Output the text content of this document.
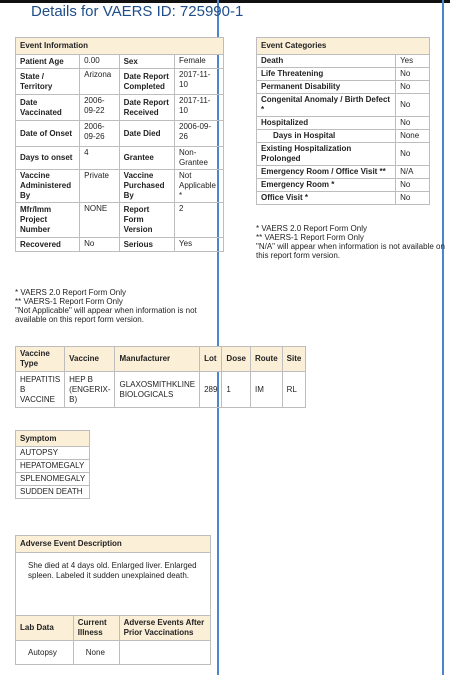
Details for VAERS ID: 725990-1
Event Information			
Patient Age	0.00	Sex	Female
State / Territory	Arizona	Date Report Completed	2017-11-10
Date Vaccinated	2006-09-22	Date Report Received	2017-11-10
Date of Onset	2006-09-26	Date Died	2006-09-26
Days to onset	4	Grantee	Non-Grantee
Vaccine Administered By	Private	Vaccine Purchased By	Not Applicable *
Mfr/Imm Project Number	NONE	Report Form Version	2
Recovered	No	Serious	Yes
* VAERS 2.0 Report Form Only
** VAERS-1 Report Form Only
"Not Applicable" will appear when information is not available on this report form version.
Event Categories	
Death	Yes
Life Threatening	No
Permanent Disability	No
Congenital Anomaly / Birth Defect *	No
Hospitalized	No
Days in Hospital	None
Existing Hospitalization Prolonged	No
Emergency Room / Office Visit **	N/A
Emergency Room *	No
Office Visit *	No
* VAERS 2.0 Report Form Only
** VAERS-1 Report Form Only
"N/A" will appear when information is not available on this report form version.
Vaccine Type	Vaccine	Manufacturer	Lot	Dose	Route	Site
HEPATITIS B VACCINE	HEP B (ENGERIX-B)	GLAXOSMITHKLINE BIOLOGICALS	289	1	IM	RL
Symptom
AUTOPSY
HEPATOMEGALY
SPLENOMEGALY
SUDDEN DEATH
Adverse Event Description
She died at 4 days old. Enlarged liver. Enlarged spleen. Labeled it sudden unexplained death.
Lab Data	Current Illness	Adverse Events After Prior Vaccinations
Autopsy	None	
